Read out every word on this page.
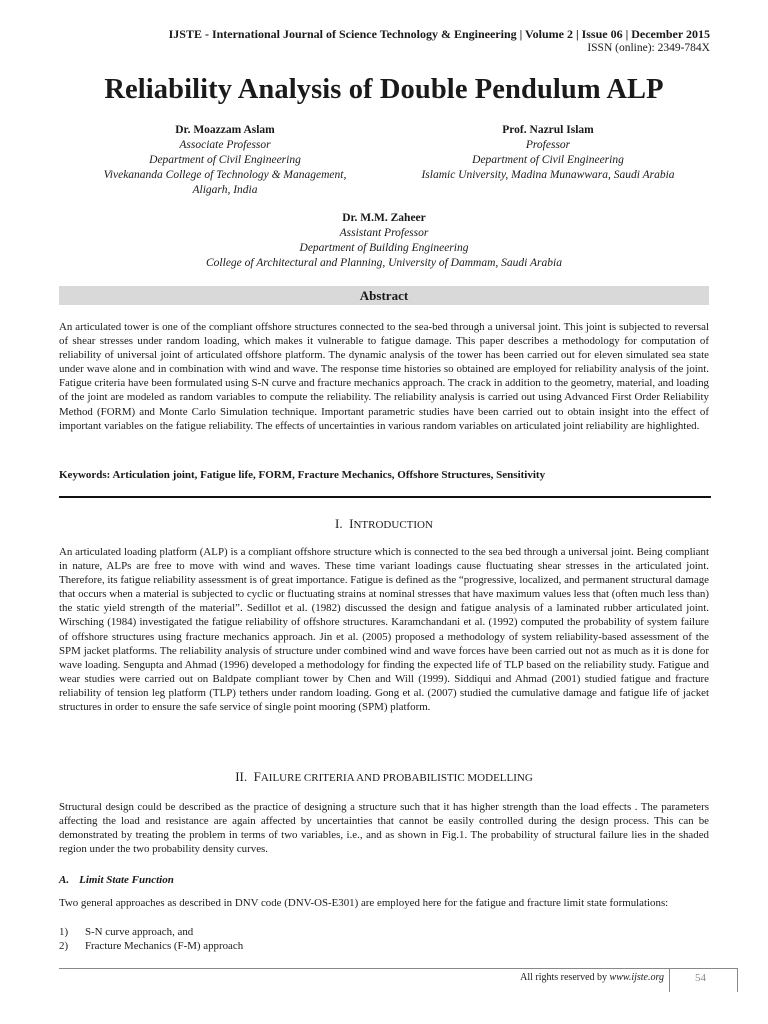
IJSTE - International Journal of Science Technology & Engineering | Volume 2 | Issue 06 | December 2015
ISSN (online): 2349-784X
Reliability Analysis of Double Pendulum ALP
Dr. Moazzam Aslam
Associate Professor
Department of Civil Engineering
Vivekananda College of Technology & Management,
Aligarh, India
Prof. Nazrul Islam
Professor
Department of Civil Engineering
Islamic University, Madina Munawwara, Saudi Arabia
Dr. M.M. Zaheer
Assistant Professor
Department of Building Engineering
College of Architectural and Planning, University of Dammam, Saudi Arabia
Abstract
An articulated tower is one of the compliant offshore structures connected to the sea-bed through a universal joint. This joint is subjected to reversal of shear stresses under random loading, which makes it vulnerable to fatigue damage. This paper describes a methodology for computation of reliability of universal joint of articulated offshore platform. The dynamic analysis of the tower has been carried out for eleven simulated sea state under wave alone and in combination with wind and wave. The response time histories so obtained are employed for reliability analysis of the joint. Fatigue criteria have been formulated using S-N curve and fracture mechanics approach. The crack in addition to the geometry, material, and loading of the joint are modeled as random variables to compute the reliability. The reliability analysis is carried out using Advanced First Order Reliability Method (FORM) and Monte Carlo Simulation technique. Important parametric studies have been carried out to obtain insight into the effect of important variables on the fatigue reliability. The effects of uncertainties in various random variables on articulated joint reliability are highlighted.
Keywords: Articulation joint, Fatigue life, FORM, Fracture Mechanics, Offshore Structures, Sensitivity
I. INTRODUCTION
An articulated loading platform (ALP) is a compliant offshore structure which is connected to the sea bed through a universal joint. Being compliant in nature, ALPs are free to move with wind and waves. These time variant loadings cause fluctuating shear stresses in the articulated joint. Therefore, its fatigue reliability assessment is of great importance. Fatigue is defined as the “progressive, localized, and permanent structural damage that occurs when a material is subjected to cyclic or fluctuating strains at nominal stresses that have maximum values less that (often much less than) the static yield strength of the material”. Sedillot et al. (1982) discussed the design and fatigue analysis of a laminated rubber articulated joint. Wirsching (1984) investigated the fatigue reliability of offshore structures. Karamchandani et al. (1992) computed the probability of system failure of offshore structures using fracture mechanics approach. Jin et al. (2005) proposed a methodology of system reliability-based assessment of the SPM jacket platforms. The reliability analysis of structure under combined wind and wave forces have been carried out not as much as it is done for wave loading. Sengupta and Ahmad (1996) developed a methodology for finding the expected life of TLP based on the reliability study. Fatigue and wear studies were carried out on Baldpate compliant tower by Chen and Will (1999). Siddiqui and Ahmad (2001) studied fatigue and fracture reliability of tension leg platform (TLP) tethers under random loading. Gong et al. (2007) studied the cumulative damage and fatigue life of jacket structures in order to ensure the safe service of single point mooring (SPM) platform.
II. FAILURE CRITERIA AND PROBABILISTIC MODELLING
Structural design could be described as the practice of designing a structure such that it has higher strength than the load effects . The parameters affecting the load and resistance are again affected by uncertainties that cannot be easily controlled during the design process. This can be demonstrated by treating the problem in terms of two variables, i.e., and as shown in Fig.1. The probability of structural failure lies in the shaded region under the two probability density curves.
A. Limit State Function
Two general approaches as described in DNV code (DNV-OS-E301) are employed here for the fatigue and fracture limit state formulations:
1) S-N curve approach, and
2) Fracture Mechanics (F-M) approach
All rights reserved by www.ijste.org	54
